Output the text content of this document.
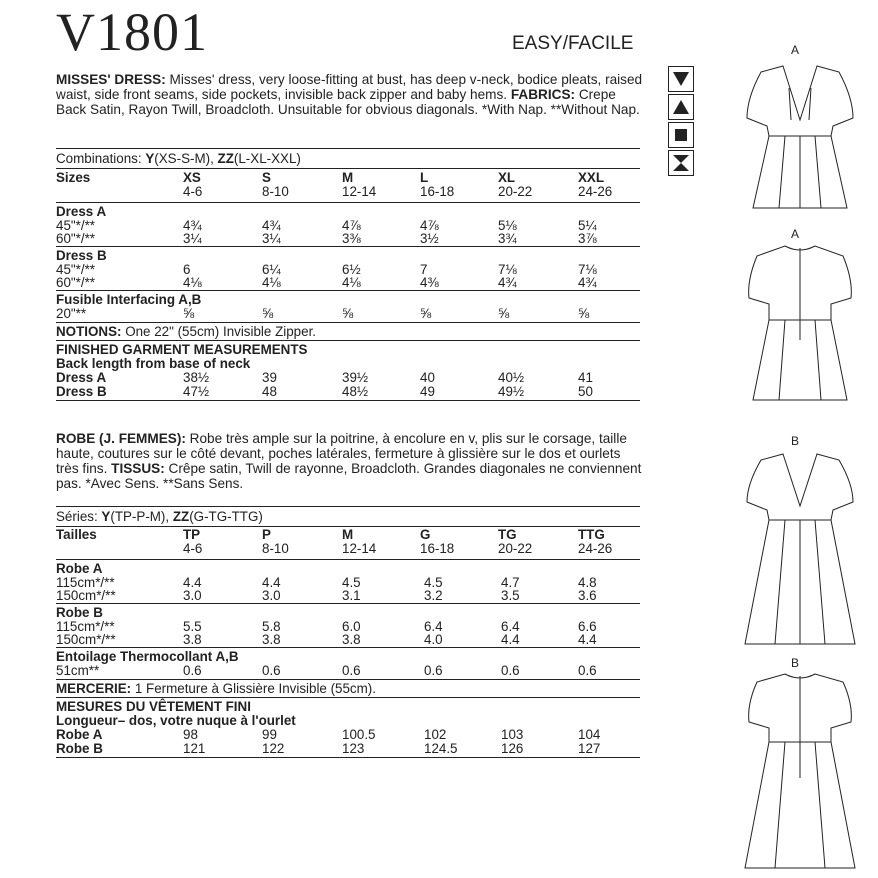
V1801	EASY/FACILE
MISSES' DRESS: Misses' dress, very loose-fitting at bust, has deep v-neck, bodice pleats, raised waist, side front seams, side pockets, invisible back zipper and baby hems. FABRICS: Crepe Back Satin, Rayon Twill, Broadcloth. Unsuitable for obvious diagonals. *With Nap. **Without Nap.
Combinations: Y(XS-S-M), ZZ(L-XL-XXL)
Sizes	XS	S	M	L	XL	XXL
4-6	8-10	12-14	16-18	20-22	24-26
Dress A
45"*/**	4¾	4¾	4⅞	4⅞	5⅛	5¼
60"*/**	3¼	3¼	3⅜	3½	3¾	3⅞
Dress B
45"*/**	6	6¼	6½	7	7⅛	7⅛
60"*/**	4⅛	4⅛	4⅛	4⅜	4¾	4¾
Fusible Interfacing A,B
20"**	⅝	⅝	⅝	⅝	⅝	⅝
NOTIONS: One 22" (55cm) Invisible Zipper.
FINISHED GARMENT MEASUREMENTS
Back length from base of neck
Dress A	38½	39	39½	40	40½	41
Dress B	47½	48	48½	49	49½	50
ROBE (J. FEMMES): Robe très ample sur la poitrine, à encolure en v, plis sur le corsage, taille haute, coutures sur le côté devant, poches latérales, fermeture à glissière sur le dos et ourlets très fins. TISSUS: Crêpe satin, Twill de rayonne, Broadcloth. Grandes diagonales ne conviennent pas. *Avec Sens. **Sans Sens.
Séries: Y(TP-P-M), ZZ(G-TG-TTG)
Tailles	TP	P	M	G	TG	TTG
4-6	8-10	12-14	16-18	20-22	24-26
Robe A
115cm*/**	4.4	4.4	4.5	4.5	4.7	4.8
150cm*/**	3.0	3.0	3.1	3.2	3.5	3.6
Robe B
115cm*/**	5.5	5.8	6.0	6.4	6.4	6.6
150cm*/**	3.8	3.8	3.8	4.0	4.4	4.4
Entoilage Thermocollant A,B
51cm**	0.6	0.6	0.6	0.6	0.6	0.6
MERCERIE: 1 Fermeture à Glissière Invisible (55cm).
MESURES DU VÊTEMENT FINI
Longueur– dos, votre nuque à l'ourlet
Robe A	98	99	100.5	102	103	104
Robe B	121	122	123	124.5	126	127
A
A
B
B
